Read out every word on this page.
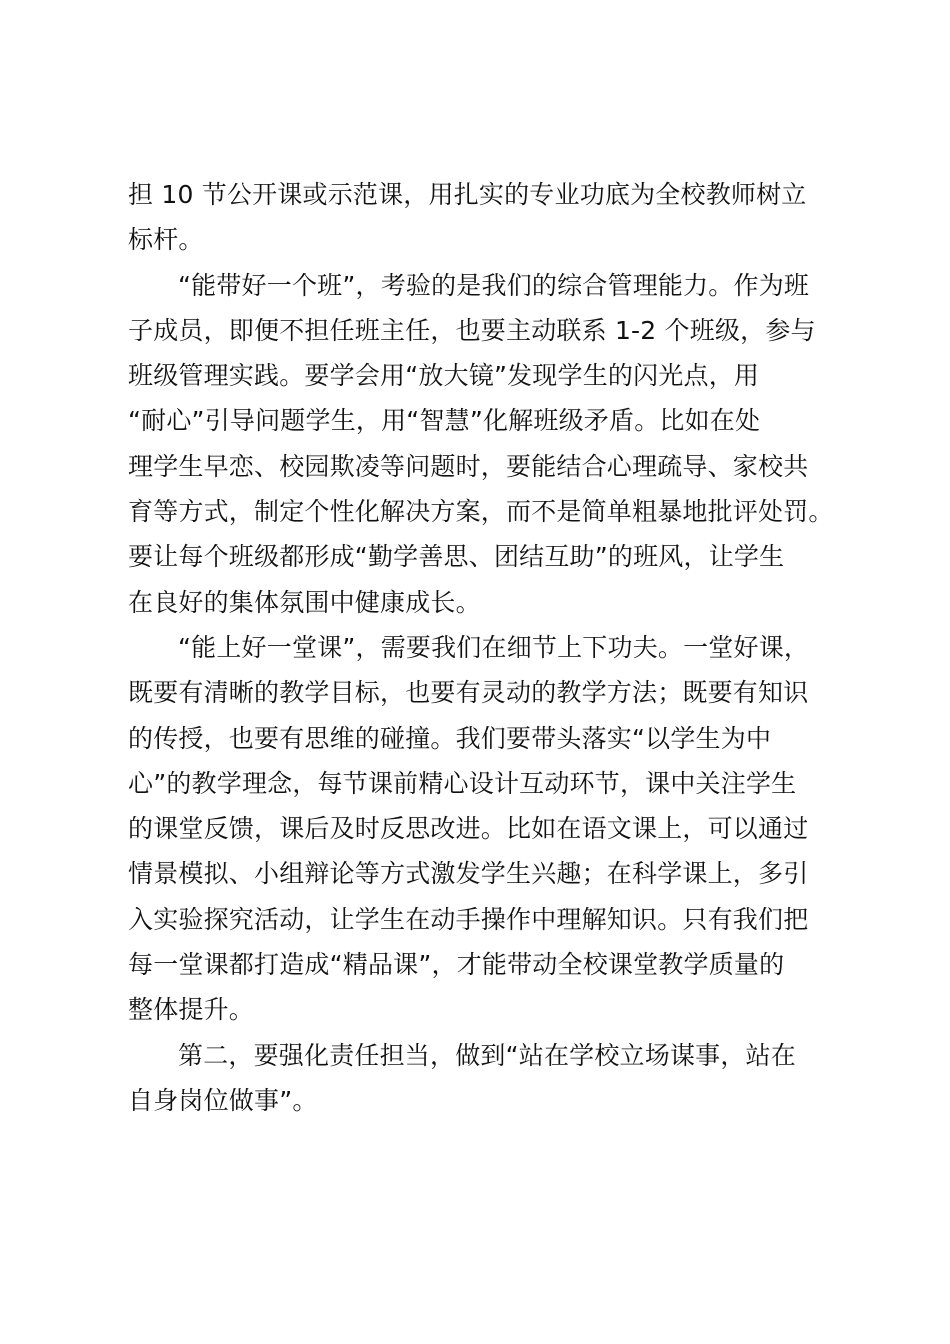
担 10 节公开课或示范课，用扎实的专业功底为全校教师树立
标杆。

“能带好一个班”，考验的是我们的综合管理能力。作为班
子成员，即便不担任班主任，也要主动联系 1-2 个班级，参与
班级管理实践。要学会用“放大镜”发现学生的闪光点，用
“耐心”引导问题学生，用“智慧”化解班级矛盾。比如在处
理学生早恋、校园欺凌等问题时，要能结合心理疏导、家校共
育等方式，制定个性化解决方案，而不是简单粗暴地批评处罚。
要让每个班级都形成“勤学善思、团结互助”的班风，让学生
在良好的集体氛围中健康成长。

“能上好一堂课”，需要我们在细节上下功夫。一堂好课，
既要有清晰的教学目标，也要有灵动的教学方法；既要有知识
的传授，也要有思维的碰撞。我们要带头落实“以学生为中
心”的教学理念，每节课前精心设计互动环节，课中关注学生
的课堂反馈，课后及时反思改进。比如在语文课上，可以通过
情景模拟、小组辩论等方式激发学生兴趣；在科学课上，多引
入实验探究活动，让学生在动手操作中理解知识。只有我们把
每一堂课都打造成“精品课”，才能带动全校课堂教学质量的
整体提升。

第二，要强化责任担当，做到“站在学校立场谋事，站在
自身岗位做事”。
